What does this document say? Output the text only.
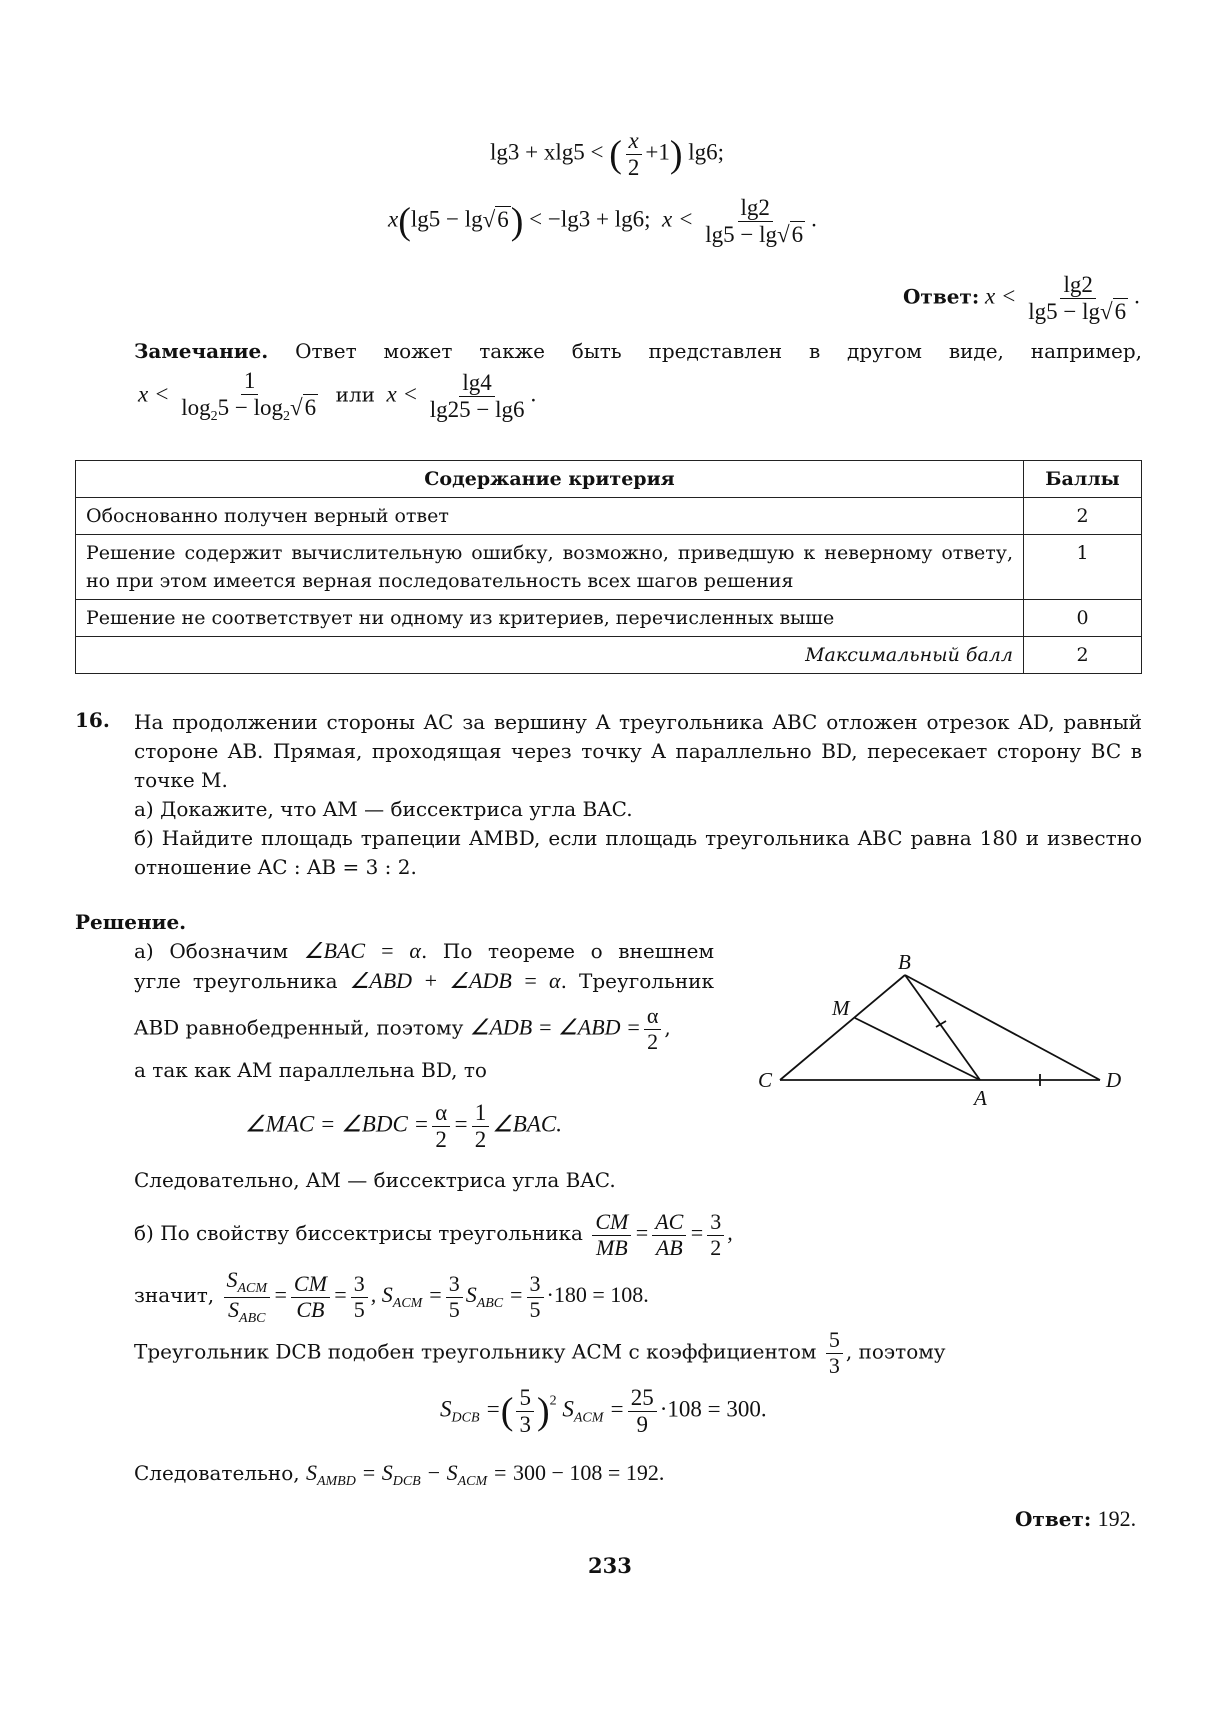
lg3 + xlg5 < ( $\frac{x}{2} +1$) lg6;
x(lg5 − lg√6) < −lg3 + lg6; $x < \frac{\lg 2}{\lg 5 - \lg√6}$ .
Ответ: $x < \frac{\lg 2}{\lg 5 - \lg√6}$ .
Замечание. Ответ может также быть представлен в другом виде, например,
$x < \frac{1}{\log_25 - \log_2√6}$ или $x < \frac{\lg 4}{\lg 25 - \lg 6}$ .
Содержание критерия	Баллы
Обоснованно получен верный ответ	2
Решение содержит вычислительную ошибку, возможно, приведшую к неверному ответу, но при этом имеется верная последовательность всех шагов решения	1
Решение не соответствует ни одному из критериев, перечисленных выше	0
Максимальный балл	2
16. На продолжении стороны AC за вершину A треугольника ABC отложен отрезок AD, равный стороне AB. Прямая, проходящая через точку A параллельно BD, пересекает сторону BC в точке M.
а) Докажите, что AM — биссектриса угла BAC.
б) Найдите площадь трапеции AMBD, если площадь треугольника ABC равна 180 и известно отношение AC : AB = 3 : 2.
Решение.
а) Обозначим ∠BAC = α. По теореме о внешнем
угле треугольника ∠ABD + ∠ADB = α. Треугольник
ABD равнобедренный, поэтому ∠ADB = ∠ABD = $\frac{\alpha}{2}$ ,
а так как AM параллельна BD, то
∠MAC = ∠BDC = $\frac{\alpha}{2} = \frac{1}{2}$ ∠BAC.
Следовательно, AM — биссектриса угла BAC.
б) По свойству биссектрисы треугольника $\frac{CM}{MB} = \frac{AC}{AB} = \frac{3}{2}$ ,
значит, $\frac{S_{ACM}}{S_{ABC}} = \frac{CM}{CB} = \frac{3}{5}$ , $S_{ACM} = \frac{3}{5} S_{ABC} = \frac{3}{5} \cdot 180 = 108$.
Треугольник DCB подобен треугольнику ACM с коэффициентом $\frac{5}{3}$ , поэтому
$S_{DCB}$ =( $\frac{5}{3} )^2$ $S_{ACM} = \frac{25}{9} \cdot 108 = 300$.
Следовательно, $S_{AMBD} = S_{DCB} - S_{ACM} = 300 - 108 = 192$.
Ответ: 192.
233
B
M
C
A
D
